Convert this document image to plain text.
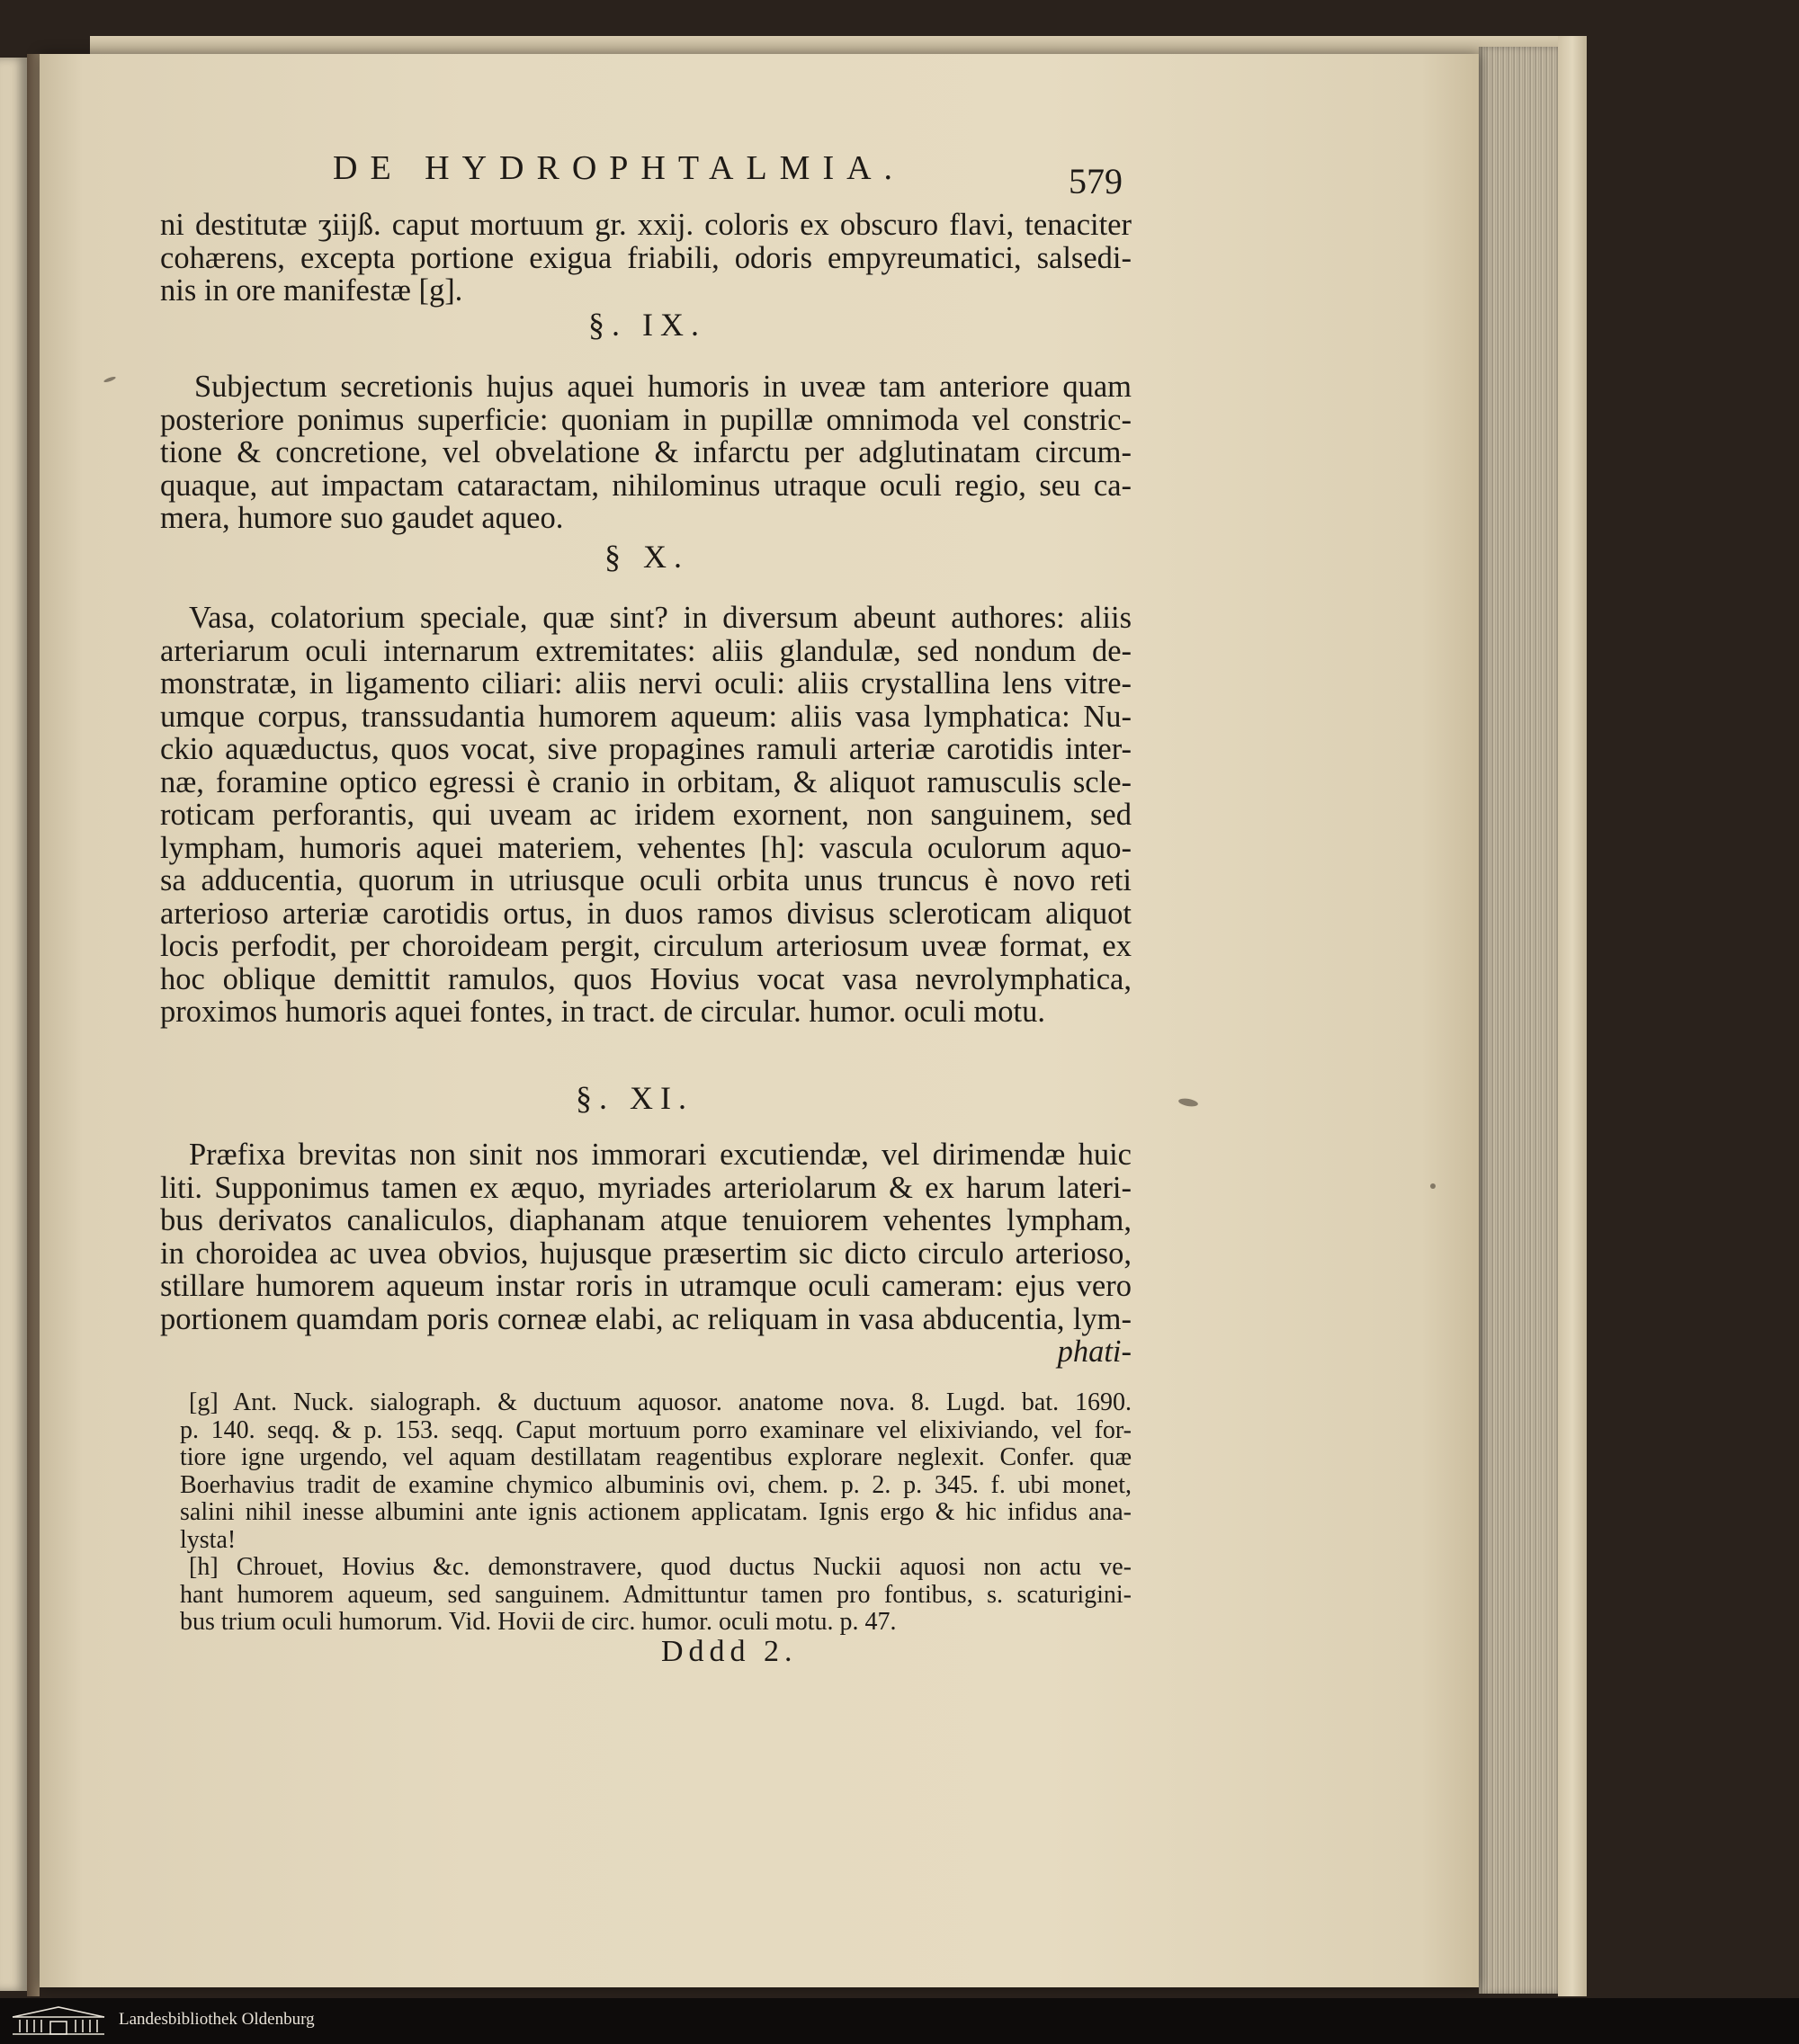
DE HYDROPHTALMIA.	579
ni destitutæ ʒiijß. caput mortuum gr. xxij. coloris ex obscuro flavi, tenaciter
cohærens, excepta portione exigua friabili, odoris empyreumatici, salsedi-
nis in ore manifestæ [g].
§. IX.
Subjectum secretionis hujus aquei humoris in uveæ tam anteriore quam
posteriore ponimus superficie: quoniam in pupillæ omnimoda vel constric-
tione & concretione, vel obvelatione & infarctu per adglutinatam circum-
quaque, aut impactam cataractam, nihilominus utraque oculi regio, seu ca-
mera, humore suo gaudet aqueo.
§ X.
Vasa, colatorium speciale, quæ sint? in diversum abeunt authores: aliis
arteriarum oculi internarum extremitates: aliis glandulæ, sed nondum de-
monstratæ, in ligamento ciliari: aliis nervi oculi: aliis crystallina lens vitre-
umque corpus, transsudantia humorem aqueum: aliis vasa lymphatica: Nu-
ckio aquæductus, quos vocat, sive propagines ramuli arteriæ carotidis inter-
næ, foramine optico egressi è cranio in orbitam, & aliquot ramusculis scle-
roticam perforantis, qui uveam ac iridem exornent, non sanguinem, sed
lympham, humoris aquei materiem, vehentes [h]: vascula oculorum aquo-
sa adducentia, quorum in utriusque oculi orbita unus truncus è novo reti
arterioso arteriæ carotidis ortus, in duos ramos divisus scleroticam aliquot
locis perfodit, per choroideam pergit, circulum arteriosum uveæ format, ex
hoc oblique demittit ramulos, quos Hovius vocat vasa nevrolymphatica,
proximos humoris aquei fontes, in tract. de circular. humor. oculi motu.
§. XI.
Præfixa brevitas non sinit nos immorari excutiendæ, vel dirimendæ huic
liti. Supponimus tamen ex æquo, myriades arteriolarum & ex harum lateri-
bus derivatos canaliculos, diaphanam atque tenuiorem vehentes lympham,
in choroidea ac uvea obvios, hujusque præsertim sic dicto circulo arterioso,
stillare humorem aqueum instar roris in utramque oculi cameram: ejus vero
portionem quamdam poris corneæ elabi, ac reliquam in vasa abducentia, lym-
phati-
[g] Ant. Nuck. sialograph. & ductuum aquosor. anatome nova. 8. Lugd. bat. 1690.
p. 140. seqq. & p. 153. seqq. Caput mortuum porro examinare vel elixiviando, vel for-
tiore igne urgendo, vel aquam destillatam reagentibus explorare neglexit. Confer. quæ
Boerhavius tradit de examine chymico albuminis ovi, chem. p. 2. p. 345. f. ubi monet,
salini nihil inesse albumini ante ignis actionem applicatam. Ignis ergo & hic infidus ana-
lysta!
[h] Chrouet, Hovius &c. demonstravere, quod ductus Nuckii aquosi non actu ve-
hant humorem aqueum, sed sanguinem. Admittuntur tamen pro fontibus, s. scaturigini-
bus trium oculi humorum. Vid. Hovii de circ. humor. oculi motu. p. 47.
Dddd 2.
Landesbibliothek Oldenburg
